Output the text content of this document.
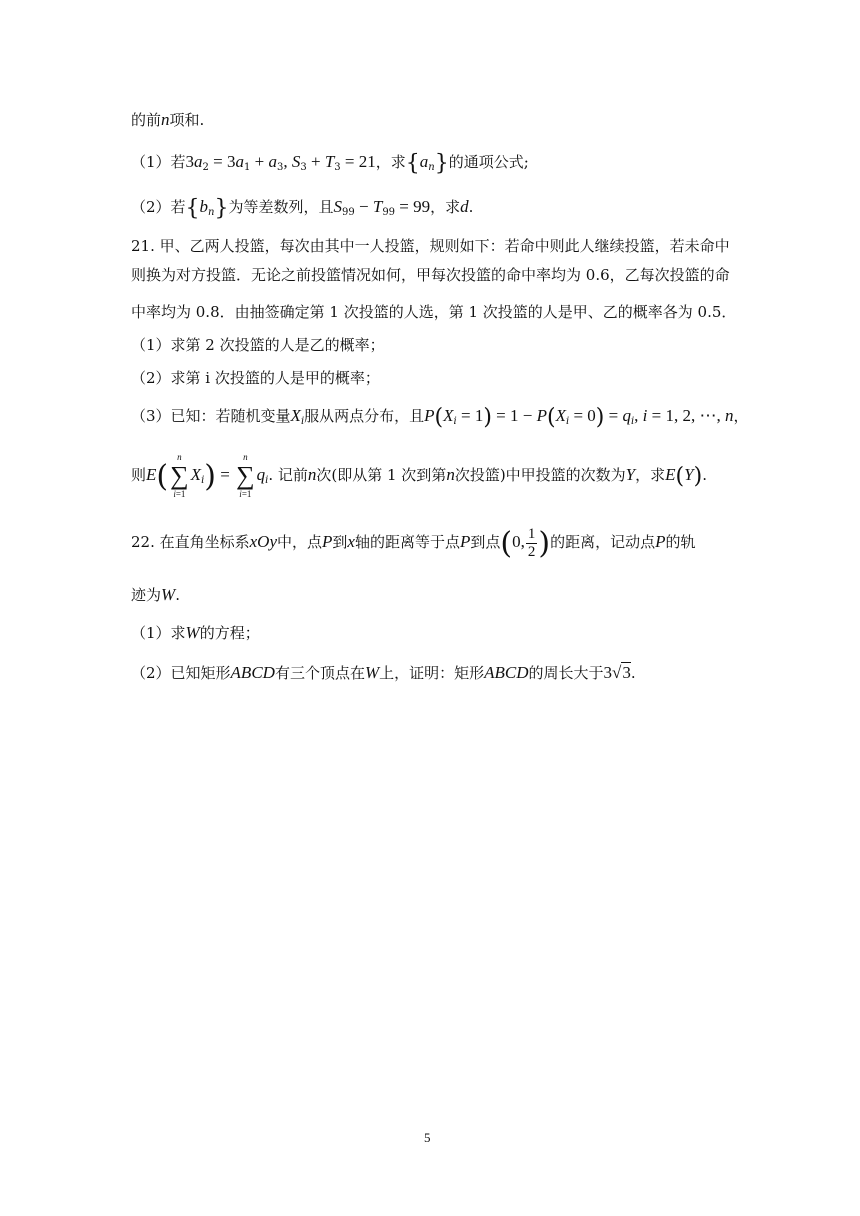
的前n项和.
（1）若$3a_2 = 3a_1 + a_3$, $S_3 + T_3 = 21$，求$\{a_n\}$的通项公式;
（2）若$\{b_n\}$为等差数列，且$S_{99} - T_{99} = 99$，求d.
21. 甲、乙两人投篮，每次由其中一人投篮，规则如下：若命中则此人继续投篮，若未命中
则换为对方投篮．无论之前投篮情况如何，甲每次投篮的命中率均为 0.6，乙每次投篮的命
中率均为 0.8．由抽签确定第 1 次投篮的人选，第 1 次投篮的人是甲、乙的概率各为 0.5．
（1）求第 2 次投篮的人是乙的概率；
（2）求第 i 次投篮的人是甲的概率；
（3）已知：若随机变量$X_i$服从两点分布，且$P(X_i = 1) = 1 - P(X_i = 0) = q_i$, i = 1, 2, ⋯, n，
则E(
n
∑
i=1
$X_i$) =
n
∑
i=1
$q_i$. 记前n次(即从第 1 次到第n次投篮)中甲投篮的次数为Y，求E(Y).
22. 在直角坐标系xOy中，点P到x轴的距离等于点P到点(0, $\frac{1}{2}$ )的距离，记动点P的轨
迹为W.
（1）求W的方程；
（2）已知矩形ABCD有三个顶点在W上，证明：矩形ABCD的周长大于3√3.
5
